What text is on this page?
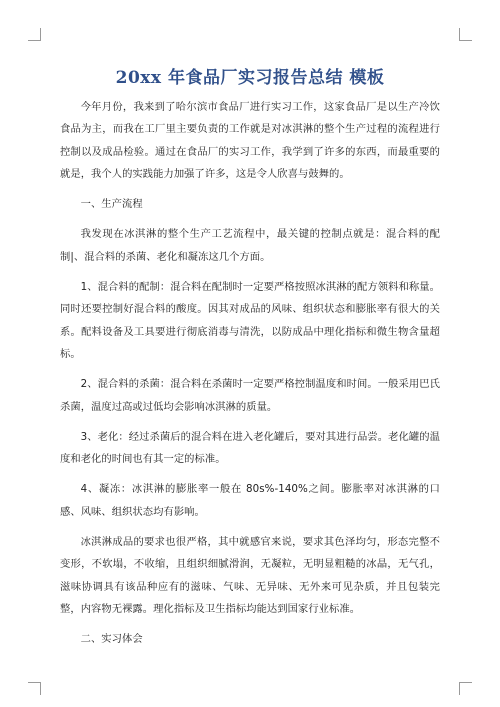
20xx 年食品厂实习报告总结 模板

今年月份，我来到了哈尔滨市食品厂进行实习工作，这家食品厂是以生产冷饮食品为主，而我在工厂里主要负责的工作就是对冰淇淋的整个生产过程的流程进行控制以及成品检验。通过在食品厂的实习工作，我学到了许多的东西，而最重要的就是，我个人的实践能力加强了许多，这是令人欣喜与鼓舞的。

一、生产流程

我发现在冰淇淋的整个生产工艺流程中，最关键的控制点就是：混合料的配制|、混合料的杀菌、老化和凝冻这几个方面。

1、混合料的配制：混合料在配制时一定要严格按照冰淇淋的配方领料和称量。同时还要控制好混合料的酸度。因其对成品的风味、组织状态和膨胀率有很大的关系。配料设备及工具要进行彻底消毒与清洗，以防成品中理化指标和微生物含量超标。

2、混合料的杀菌：混合料在杀菌时一定要严格控制温度和时间。一般采用巴氏杀菌，温度过高或过低均会影响冰淇淋的质量。

3、老化：经过杀菌后的混合料在进入老化罐后，要对其进行品尝。老化罐的温度和老化的时间也有其一定的标准。

4、凝冻：冰淇淋的膨胀率一般在 80s%-140%之间。膨胀率对冰淇淋的口感、风味、组织状态均有影响。

冰淇淋成品的要求也很严格，其中就感官来说，要求其色泽均匀，形态完整不变形，不软塌，不收缩，且组织细腻滑润，无凝粒，无明显粗糙的冰晶，无气孔，滋味协调具有该品种应有的滋味、气味、无异味、无外来可见杂质，并且包装完整，内容物无裸露。理化指标及卫生指标均能达到国家行业标准。

二、实习体会
